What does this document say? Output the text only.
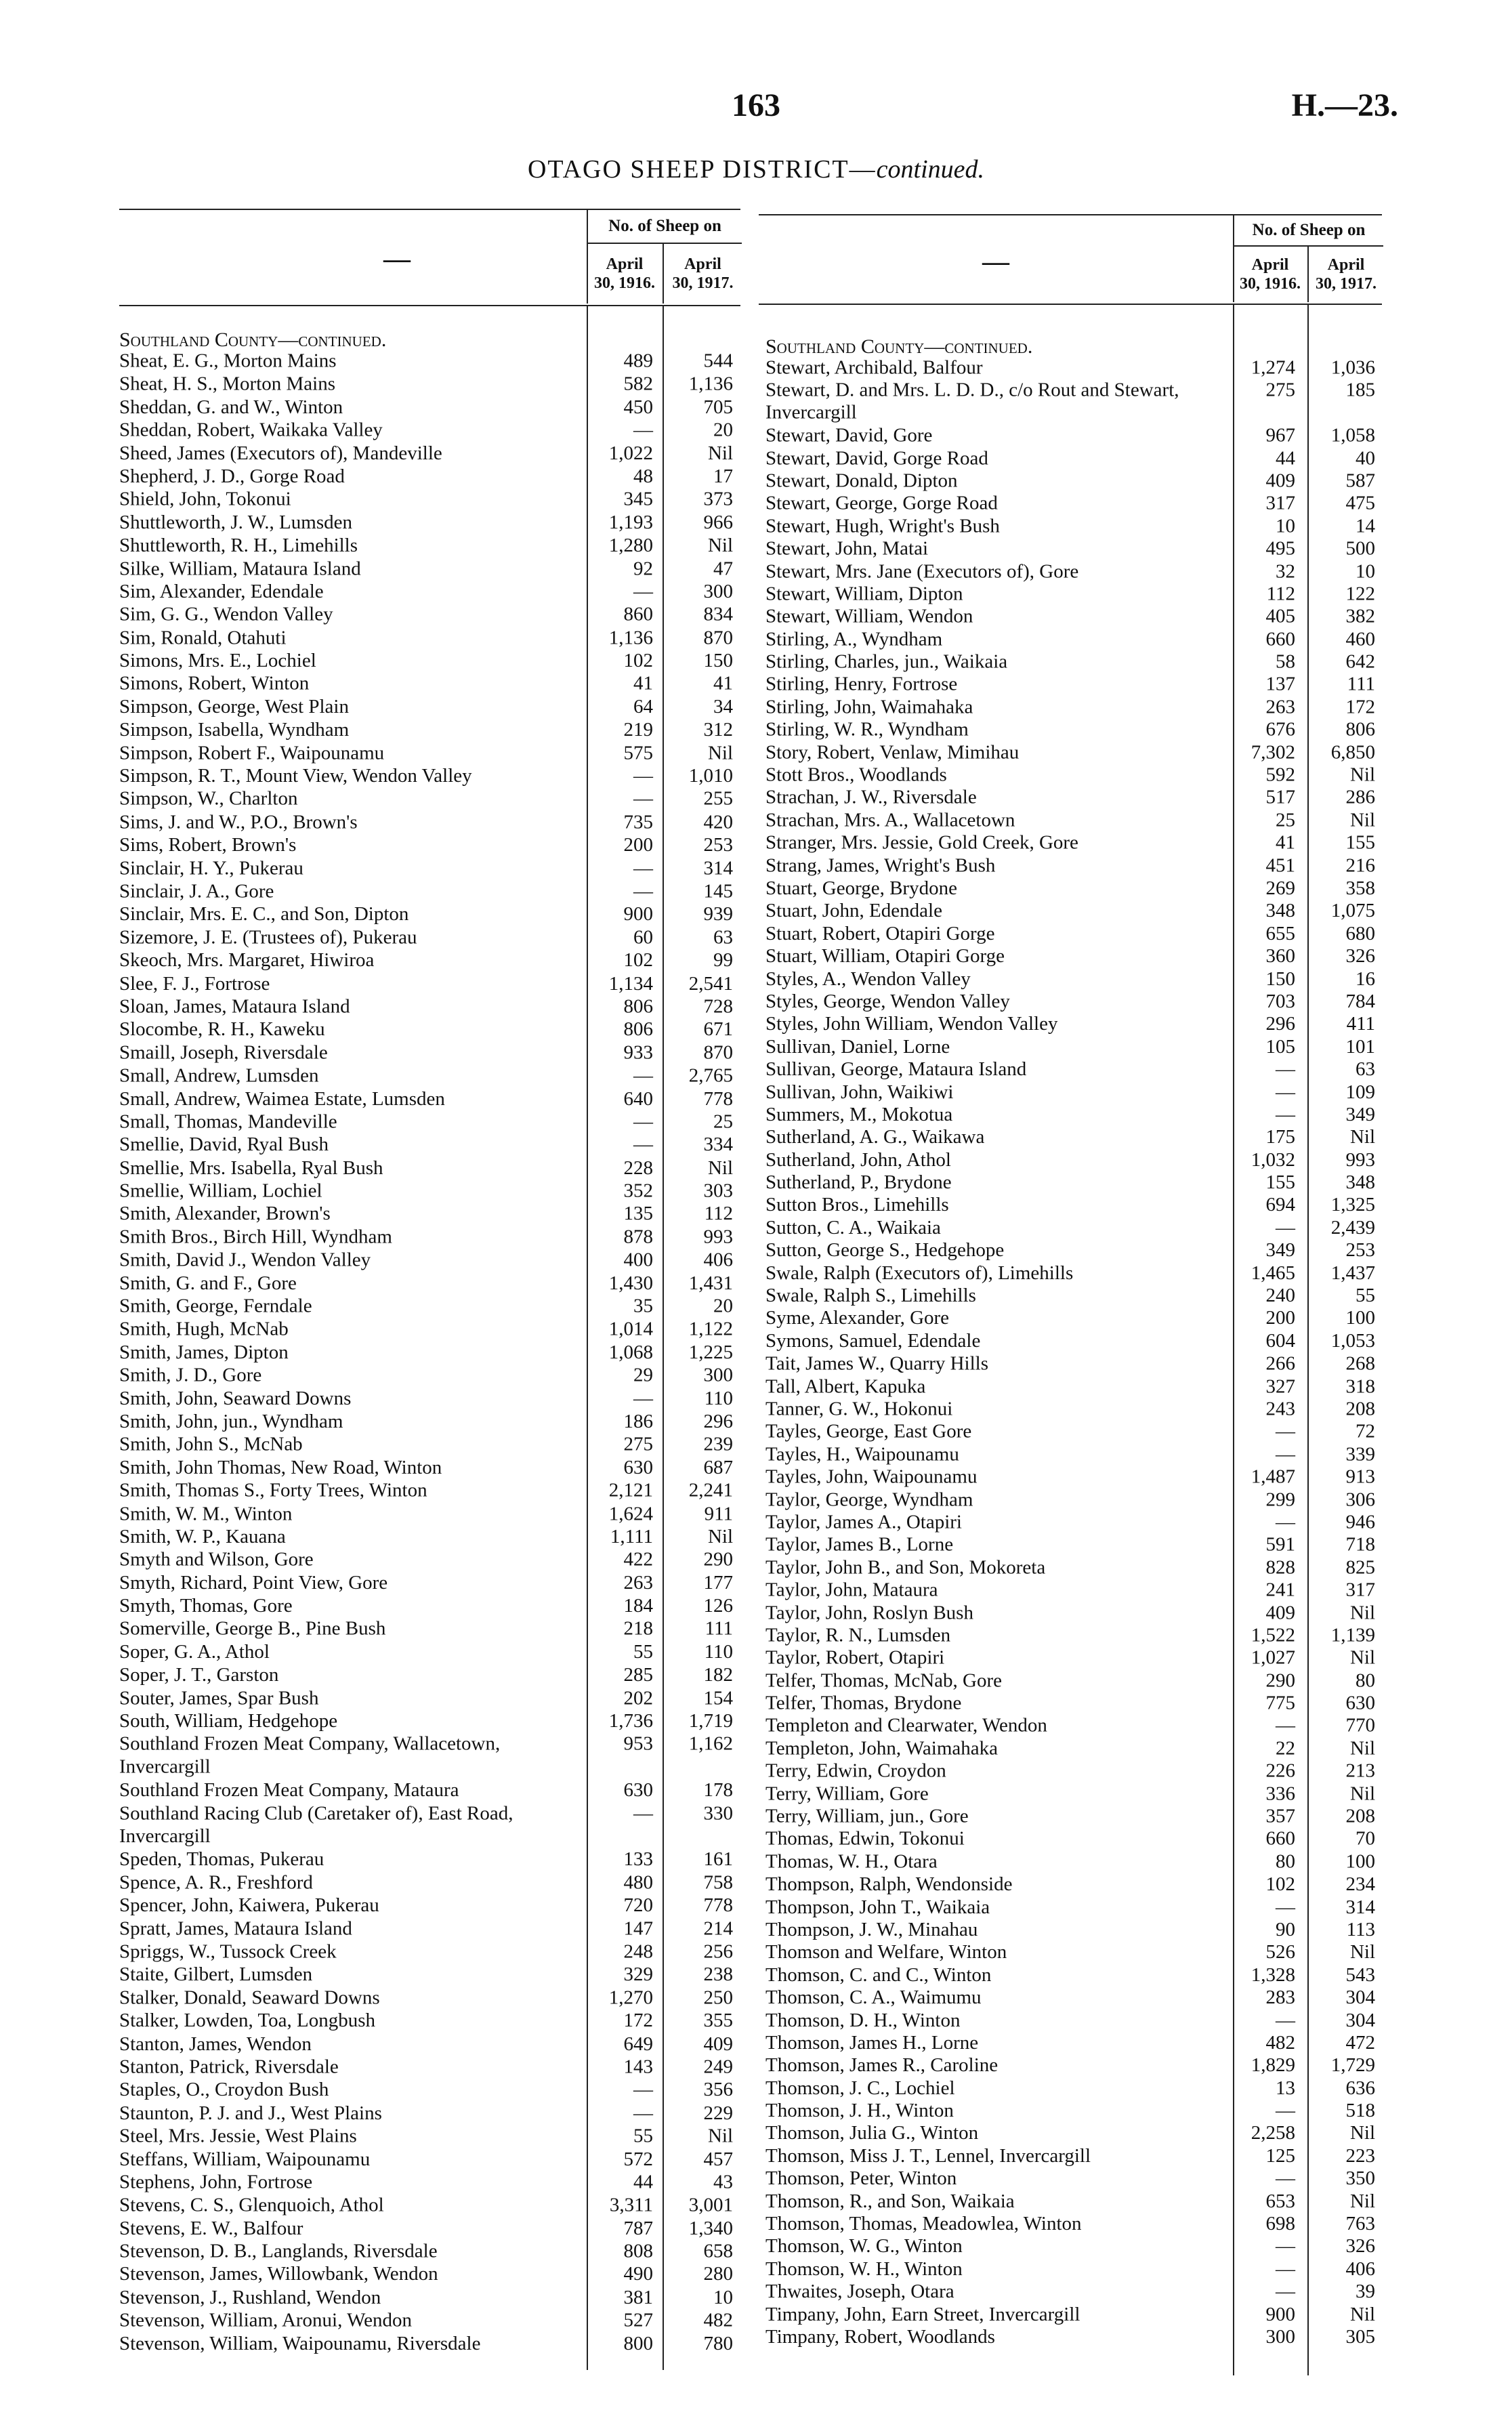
163	H.—23.
OTAGO SHEEP DISTRICT—continued.
—
No. of Sheep on
April 30, 1916.
April 30, 1917.
Southland County—continued.
Sheat, E. G., Morton Mains	489	544
Sheat, H. S., Morton Mains	582	1,136
Sheddan, G. and W., Winton	450	705
Sheddan, Robert, Waikaka Valley	—	20
Sheed, James (Executors of), Mandeville	1,022	Nil
Shepherd, J. D., Gorge Road	48	17
Shield, John, Tokonui	345	373
Shuttleworth, J. W., Lumsden	1,193	966
Shuttleworth, R. H., Limehills	1,280	Nil
Silke, William, Mataura Island	92	47
Sim, Alexander, Edendale	—	300
Sim, G. G., Wendon Valley	860	834
Sim, Ronald, Otahuti	1,136	870
Simons, Mrs. E., Lochiel	102	150
Simons, Robert, Winton	41	41
Simpson, George, West Plain	64	34
Simpson, Isabella, Wyndham	219	312
Simpson, Robert F., Waipounamu	575	Nil
Simpson, R. T., Mount View, Wendon Valley	—	1,010
Simpson, W., Charlton	—	255
Sims, J. and W., P.O., Brown's	735	420
Sims, Robert, Brown's	200	253
Sinclair, H. Y., Pukerau	—	314
Sinclair, J. A., Gore	—	145
Sinclair, Mrs. E. C., and Son, Dipton	900	939
Sizemore, J. E. (Trustees of), Pukerau	60	63
Skeoch, Mrs. Margaret, Hiwiroa	102	99
Slee, F. J., Fortrose	1,134	2,541
Sloan, James, Mataura Island	806	728
Slocombe, R. H., Kaweku	806	671
Smaill, Joseph, Riversdale	933	870
Small, Andrew, Lumsden	—	2,765
Small, Andrew, Waimea Estate, Lumsden	640	778
Small, Thomas, Mandeville	—	25
Smellie, David, Ryal Bush	—	334
Smellie, Mrs. Isabella, Ryal Bush	228	Nil
Smellie, William, Lochiel	352	303
Smith, Alexander, Brown's	135	112
Smith Bros., Birch Hill, Wyndham	878	993
Smith, David J., Wendon Valley	400	406
Smith, G. and F., Gore	1,430	1,431
Smith, George, Ferndale	35	20
Smith, Hugh, McNab	1,014	1,122
Smith, James, Dipton	1,068	1,225
Smith, J. D., Gore	29	300
Smith, John, Seaward Downs	—	110
Smith, John, jun., Wyndham	186	296
Smith, John S., McNab	275	239
Smith, John Thomas, New Road, Winton	630	687
Smith, Thomas S., Forty Trees, Winton	2,121	2,241
Smith, W. M., Winton	1,624	911
Smith, W. P., Kauana	1,111	Nil
Smyth and Wilson, Gore	422	290
Smyth, Richard, Point View, Gore	263	177
Smyth, Thomas, Gore	184	126
Somerville, George B., Pine Bush	218	111
Soper, G. A., Athol	55	110
Soper, J. T., Garston	285	182
Souter, James, Spar Bush	202	154
South, William, Hedgehope	1,736	1,719
Southland Frozen Meat Company, Wallacetown, Invercargill
953	1,162
Southland Frozen Meat Company, Mataura	630	178
Southland Racing Club (Caretaker of), East Road, Invercargill
—	330
Speden, Thomas, Pukerau	133	161
Spence, A. R., Freshford	480	758
Spencer, John, Kaiwera, Pukerau	720	778
Spratt, James, Mataura Island	147	214
Spriggs, W., Tussock Creek	248	256
Staite, Gilbert, Lumsden	329	238
Stalker, Donald, Seaward Downs	1,270	250
Stalker, Lowden, Toa, Longbush	172	355
Stanton, James, Wendon	649	409
Stanton, Patrick, Riversdale	143	249
Staples, O., Croydon Bush	—	356
Staunton, P. J. and J., West Plains	—	229
Steel, Mrs. Jessie, West Plains	55	Nil
Steffans, William, Waipounamu	572	457
Stephens, John, Fortrose	44	43
Stevens, C. S., Glenquoich, Athol	3,311	3,001
Stevens, E. W., Balfour	787	1,340
Stevenson, D. B., Langlands, Riversdale	808	658
Stevenson, James, Willowbank, Wendon	490	280
Stevenson, J., Rushland, Wendon	381	10
Stevenson, William, Aronui, Wendon	527	482
Stevenson, William, Waipounamu, Riversdale	800	780
—
No. of Sheep on
April 30, 1916.
April 30, 1917.
Southland County—continued.
Stewart, Archibald, Balfour	1,274	1,036
Stewart, D. and Mrs. L. D. D., c/o Rout and Stewart, Invercargill
275	185
Stewart, David, Gore	967	1,058
Stewart, David, Gorge Road	44	40
Stewart, Donald, Dipton	409	587
Stewart, George, Gorge Road	317	475
Stewart, Hugh, Wright's Bush	10	14
Stewart, John, Matai	495	500
Stewart, Mrs. Jane (Executors of), Gore	32	10
Stewart, William, Dipton	112	122
Stewart, William, Wendon	405	382
Stirling, A., Wyndham	660	460
Stirling, Charles, jun., Waikaia	58	642
Stirling, Henry, Fortrose	137	111
Stirling, John, Waimahaka	263	172
Stirling, W. R., Wyndham	676	806
Story, Robert, Venlaw, Mimihau	7,302	6,850
Stott Bros., Woodlands	592	Nil
Strachan, J. W., Riversdale	517	286
Strachan, Mrs. A., Wallacetown	25	Nil
Stranger, Mrs. Jessie, Gold Creek, Gore	41	155
Strang, James, Wright's Bush	451	216
Stuart, George, Brydone	269	358
Stuart, John, Edendale	348	1,075
Stuart, Robert, Otapiri Gorge	655	680
Stuart, William, Otapiri Gorge	360	326
Styles, A., Wendon Valley	150	16
Styles, George, Wendon Valley	703	784
Styles, John William, Wendon Valley	296	411
Sullivan, Daniel, Lorne	105	101
Sullivan, George, Mataura Island	—	63
Sullivan, John, Waikiwi	—	109
Summers, M., Mokotua	—	349
Sutherland, A. G., Waikawa	175	Nil
Sutherland, John, Athol	1,032	993
Sutherland, P., Brydone	155	348
Sutton Bros., Limehills	694	1,325
Sutton, C. A., Waikaia	—	2,439
Sutton, George S., Hedgehope	349	253
Swale, Ralph (Executors of), Limehills	1,465	1,437
Swale, Ralph S., Limehills	240	55
Syme, Alexander, Gore	200	100
Symons, Samuel, Edendale	604	1,053
Tait, James W., Quarry Hills	266	268
Tall, Albert, Kapuka	327	318
Tanner, G. W., Hokonui	243	208
Tayles, George, East Gore	—	72
Tayles, H., Waipounamu	—	339
Tayles, John, Waipounamu	1,487	913
Taylor, George, Wyndham	299	306
Taylor, James A., Otapiri	—	946
Taylor, James B., Lorne	591	718
Taylor, John B., and Son, Mokoreta	828	825
Taylor, John, Mataura	241	317
Taylor, John, Roslyn Bush	409	Nil
Taylor, R. N., Lumsden	1,522	1,139
Taylor, Robert, Otapiri	1,027	Nil
Telfer, Thomas, McNab, Gore	290	80
Telfer, Thomas, Brydone	775	630
Templeton and Clearwater, Wendon	—	770
Templeton, John, Waimahaka	22	Nil
Terry, Edwin, Croydon	226	213
Terry, William, Gore	336	Nil
Terry, William, jun., Gore	357	208
Thomas, Edwin, Tokonui	660	70
Thomas, W. H., Otara	80	100
Thompson, Ralph, Wendonside	102	234
Thompson, John T., Waikaia	—	314
Thompson, J. W., Minahau	90	113
Thomson and Welfare, Winton	526	Nil
Thomson, C. and C., Winton	1,328	543
Thomson, C. A., Waimumu	283	304
Thomson, D. H., Winton	—	304
Thomson, James H., Lorne	482	472
Thomson, James R., Caroline	1,829	1,729
Thomson, J. C., Lochiel	13	636
Thomson, J. H., Winton	—	518
Thomson, Julia G., Winton	2,258	Nil
Thomson, Miss J. T., Lennel, Invercargill	125	223
Thomson, Peter, Winton	—	350
Thomson, R., and Son, Waikaia	653	Nil
Thomson, Thomas, Meadowlea, Winton	698	763
Thomson, W. G., Winton	—	326
Thomson, W. H., Winton	—	406
Thwaites, Joseph, Otara	—	39
Timpany, John, Earn Street, Invercargill	900	Nil
Timpany, Robert, Woodlands	300	305
